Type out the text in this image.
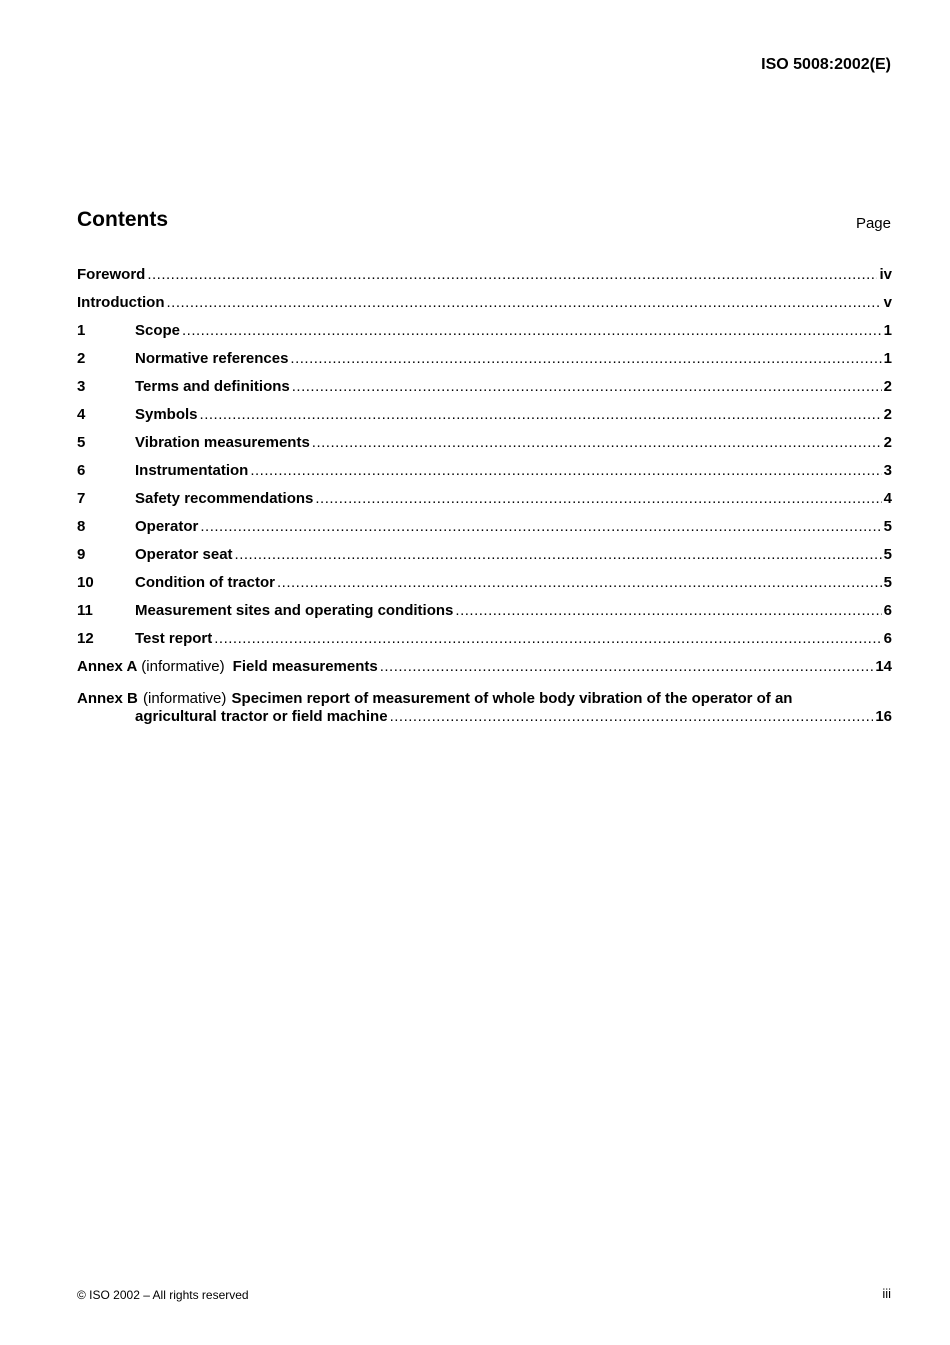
ISO 5008:2002(E)
Contents	Page
Foreword .....	iv
Introduction .....	v
1	Scope .....	1
2	Normative references .....	1
3	Terms and definitions .....	2
4	Symbols .....	2
5	Vibration measurements .....	2
6	Instrumentation .....	3
7	Safety recommendations .....	4
8	Operator .....	5
9	Operator seat .....	5
10	Condition of tractor .....	5
11	Measurement sites and operating conditions .....	6
12	Test report .....	6
Annex A (informative) Field measurements .....	14
Annex B (informative) Specimen report of measurement of whole body vibration of the operator of an
agricultural tractor or field machine .....	16
© ISO 2002 – All rights reserved	iii
